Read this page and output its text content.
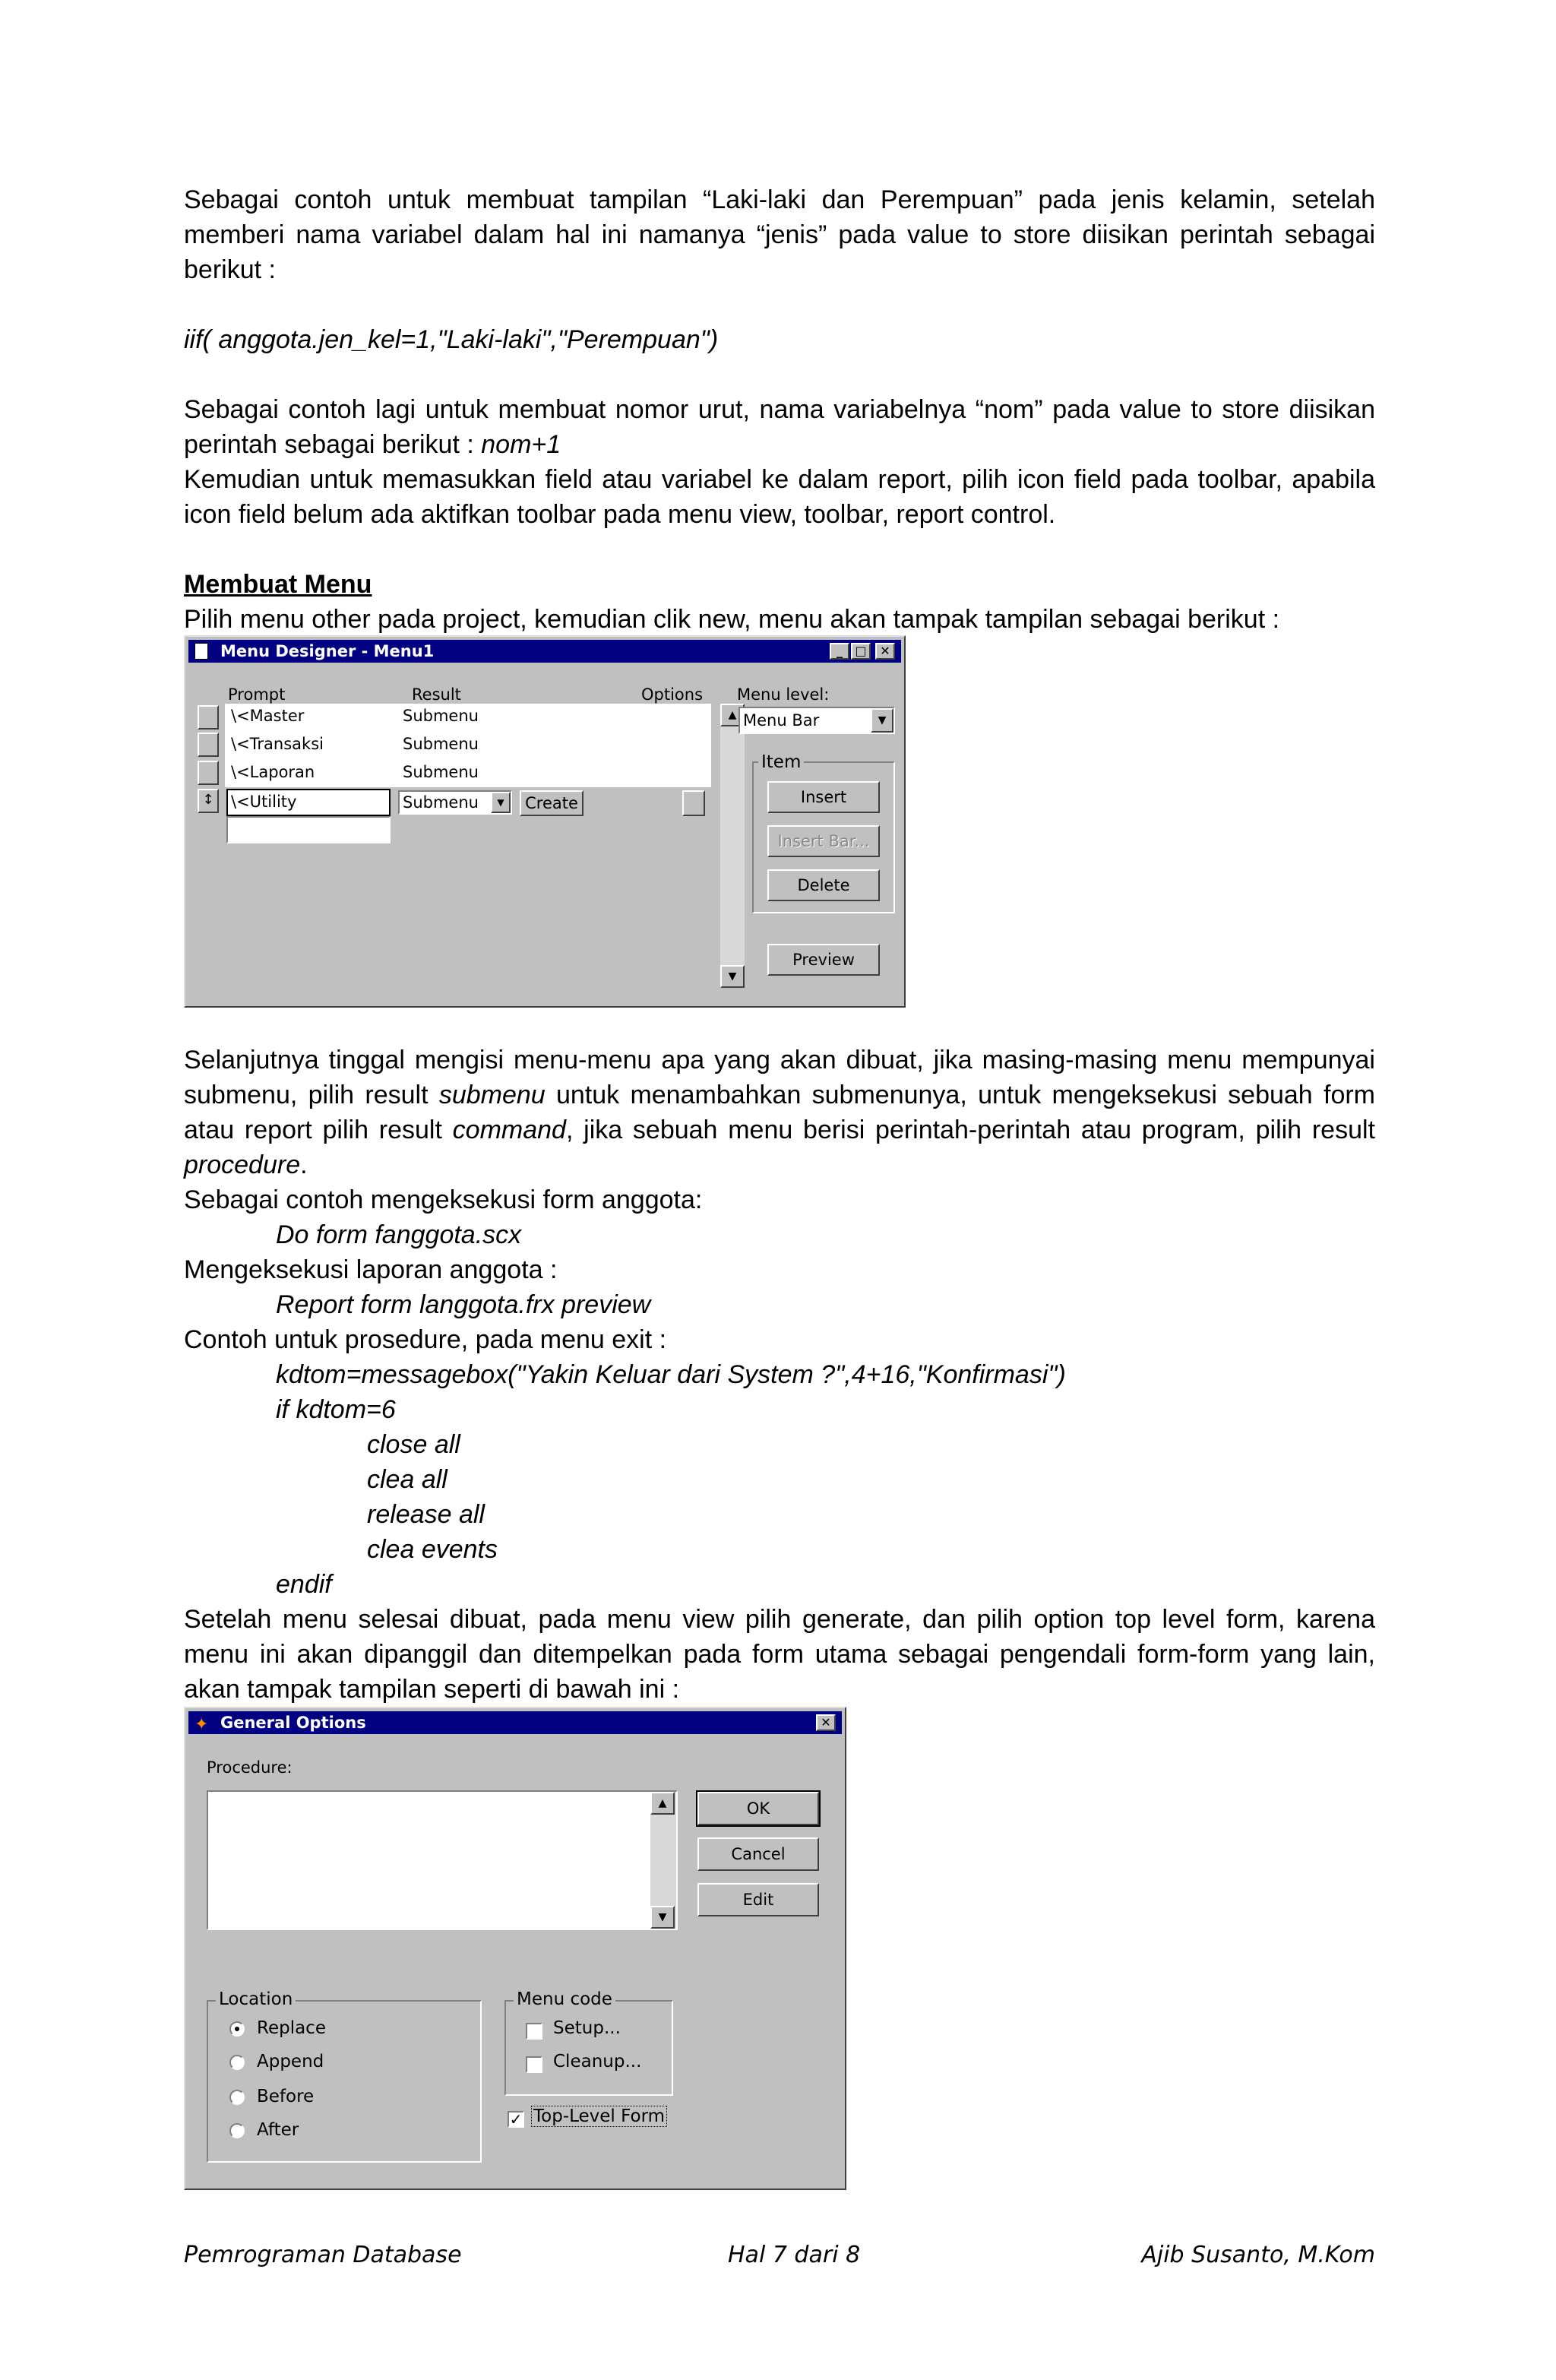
Sebagai contoh untuk membuat tampilan “Laki-laki dan Perempuan” pada jenis kelamin, setelah memberi nama variabel dalam hal ini namanya “jenis” pada value to store diisikan perintah sebagai berikut :

iif( anggota.jen_kel=1,"Laki-laki","Perempuan")

Sebagai contoh lagi untuk membuat nomor urut, nama variabelnya “nom” pada value to store diisikan perintah sebagai berikut : nom+1

Kemudian untuk memasukkan field atau variabel ke dalam report, pilih icon field pada toolbar, apabila icon field belum ada aktifkan toolbar pada menu view, toolbar, report control.

Membuat Menu

Pilih menu other pada project, kemudian clik new, menu akan tampak tampilan sebagai berikut :

Menu Designer - Menu1	_	□	✕
Prompt	Result	Options
↕
\<Master	Submenu
\<Transaksi	Submenu
\<Laporan	Submenu
\<Utility	Submenu	▼	Create
▲
▼
Menu level:
Menu Bar	▼
Item
Insert
Insert Bar...
Delete
Preview

Selanjutnya tinggal mengisi menu-menu apa yang akan dibuat, jika masing-masing menu mempunyai submenu, pilih result submenu untuk menambahkan submenunya, untuk mengeksekusi sebuah form atau report pilih result command, jika sebuah menu berisi perintah-perintah atau program, pilih result procedure.

Sebagai contoh mengeksekusi form anggota:

Do form fanggota.scx

Mengeksekusi laporan anggota :

Report form langgota.frx preview

Contoh untuk prosedure, pada menu exit :

kdtom=messagebox("Yakin Keluar dari System ?",4+16,"Konfirmasi")

if kdtom=6

close all

clea all

release all

clea events

endif

Setelah menu selesai dibuat, pada menu view pilih generate, dan pilih option top level form, karena menu ini akan dipanggil dan ditempelkan pada form utama sebagai pengendali form-form yang lain, akan tampak tampilan seperti di bawah ini :

✦ General Options	✕
Procedure:
▲
▼
OK
Cancel
Edit
Location
Replace
Append
Before
After
Menu code
Setup...
Cleanup...
✓ Top-Level Form
Pemrograman Database	Hal 7 dari 8	Ajib Susanto, M.Kom
